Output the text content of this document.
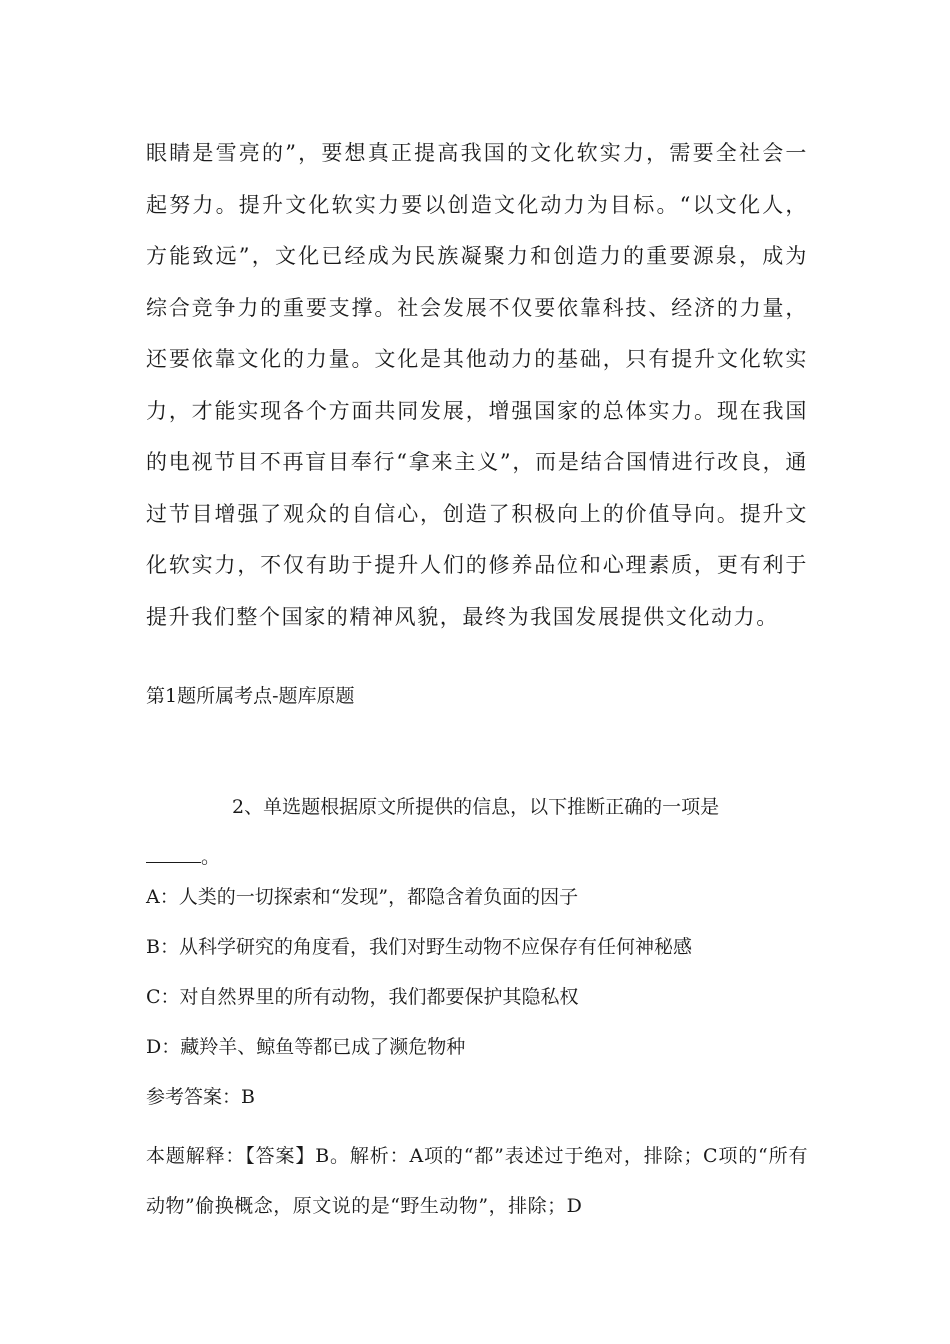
眼睛是雪亮的”，要想真正提高我国的文化软实力，需要全社会一起努力。提升文化软实力要以创造文化动力为目标。“以文化人，方能致远”，文化已经成为民族凝聚力和创造力的重要源泉，成为综合竞争力的重要支撑。社会发展不仅要依靠科技、经济的力量，还要依靠文化的力量。文化是其他动力的基础，只有提升文化软实力，才能实现各个方面共同发展，增强国家的总体实力。现在我国的电视节目不再盲目奉行“拿来主义”，而是结合国情进行改良，通过节目增强了观众的自信心，创造了积极向上的价值导向。提升文化软实力，不仅有助于提升人们的修养品位和心理素质，更有利于提升我们整个国家的精神风貌，最终为我国发展提供文化动力。

第1题所属考点-题库原题

2、单选题根据原文所提供的信息，以下推断正确的一项是
。

A：人类的一切探索和“发现”，都隐含着负面的因子

B：从科学研究的角度看，我们对野生动物不应保存有任何神秘感

C：对自然界里的所有动物，我们都要保护其隐私权

D：藏羚羊、鲸鱼等都已成了濒危物种

参考答案：B

本题解释：【答案】B。解析：A项的“都”表述过于绝对，排除；C项的“所有动物”偷换概念，原文说的是“野生动物”，排除；D
